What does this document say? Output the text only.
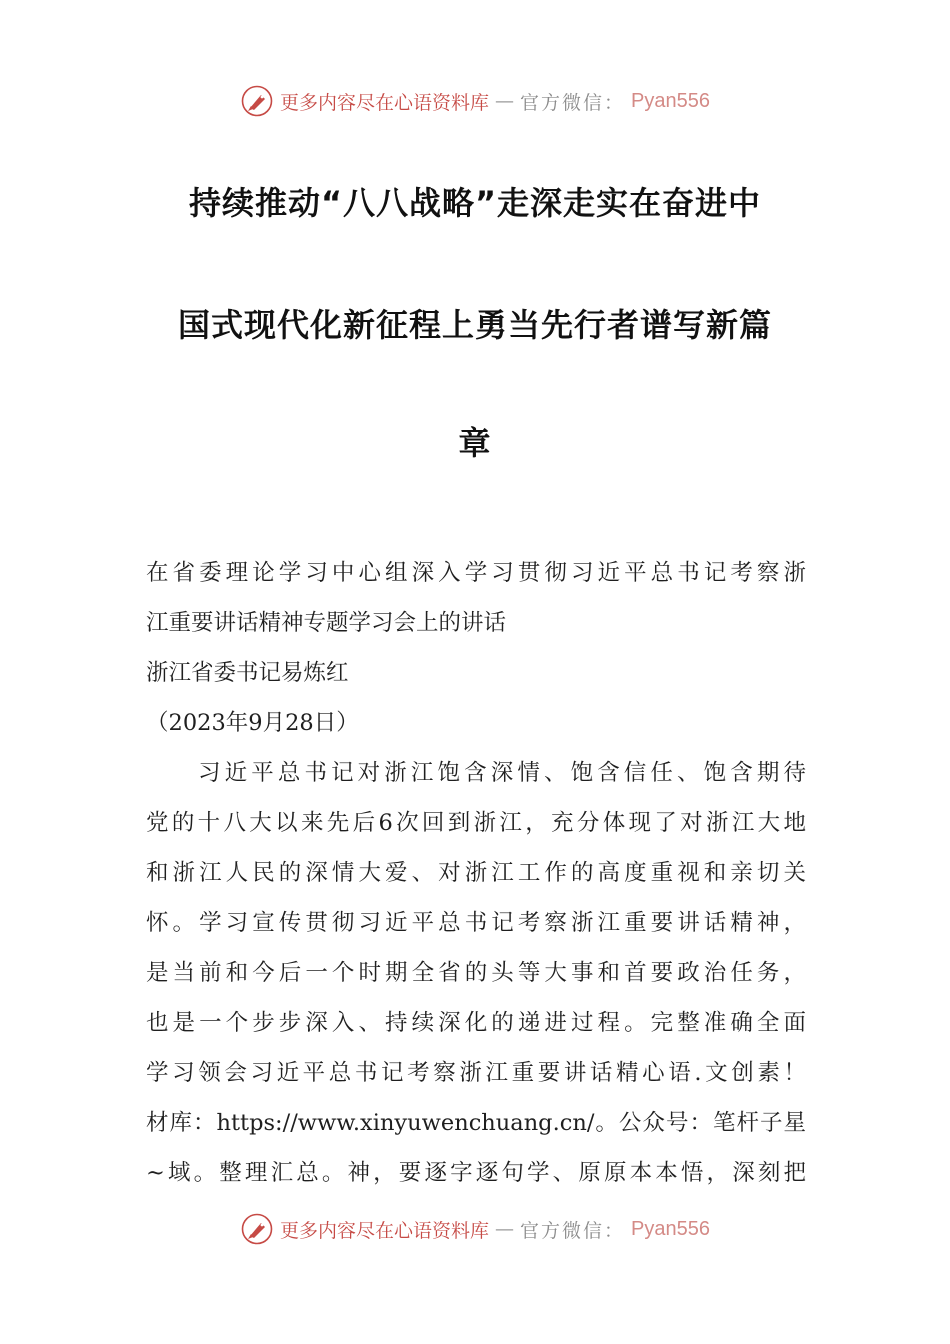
更多内容尽在心语资料库 — 官方微信： Pyan556
持续推动“八八战略”走深走实在奋进中
国式现代化新征程上勇当先行者谱写新篇
章
在省委理论学习中心组深入学习贯彻习近平总书记考察浙
江重要讲话精神专题学习会上的讲话
浙江省委书记易炼红
（2023年9月28日）
习近平总书记对浙江饱含深情、饱含信任、饱含期待
党的十八大以来先后6次回到浙江，充分体现了对浙江大地
和浙江人民的深情大爱、对浙江工作的高度重视和亲切关
怀。学习宣传贯彻习近平总书记考察浙江重要讲话精神，
是当前和今后一个时期全省的头等大事和首要政治任务，
也是一个步步深入、持续深化的递进过程。完整准确全面
学习领会习近平总书记考察浙江重要讲话精心语.文创素！
材库：https://www.xinyuwenchuang.cn/。公众号：笔杆子星
~域。整理汇总。神，要逐字逐句学、原原本本悟，深刻把
更多内容尽在心语资料库 — 官方微信： Pyan556
